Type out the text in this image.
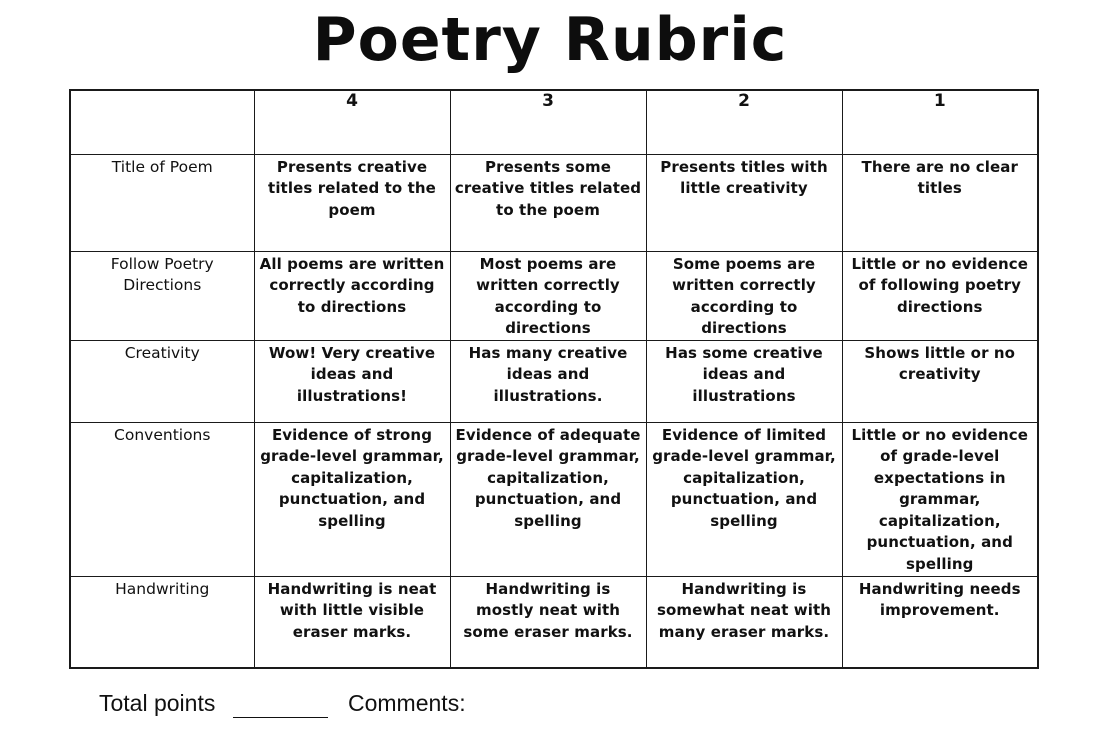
Poetry Rubric
	4	3	2	1
Title of Poem	Presents creative titles related to the poem	Presents some creative titles related to the poem	Presents titles with little creativity	There are no clear titles
Follow Poetry Directions	All poems are written correctly according to directions	Most poems are written correctly according to directions	Some poems are written correctly according to directions	Little or no evidence of following poetry directions
Creativity	Wow! Very creative ideas and illustrations!	Has many creative ideas and illustrations.	Has some creative ideas and illustrations	Shows little or no creativity
Conventions	Evidence of strong grade-level grammar, capitalization, punctuation, and spelling	Evidence of adequate grade-level grammar, capitalization, punctuation, and spelling	Evidence of limited grade-level grammar, capitalization, punctuation, and spelling	Little or no evidence of grade-level expectations in grammar, capitalization, punctuation, and spelling
Handwriting	Handwriting is neat with little visible eraser marks.	Handwriting is mostly neat with some eraser marks.	Handwriting is somewhat neat with many eraser marks.	Handwriting needs improvement.
Total points	Comments:
